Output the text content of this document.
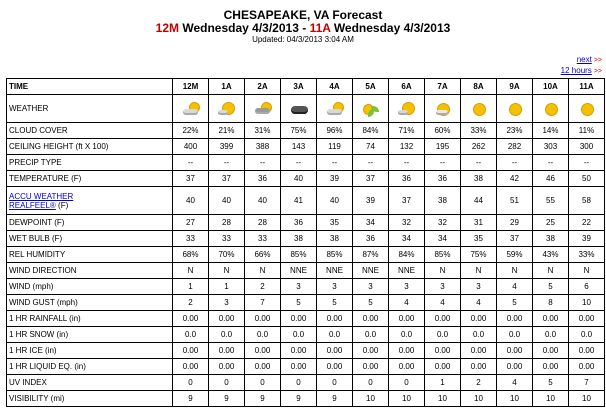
CHESAPEAKE, VA Forecast
12M Wednesday 4/3/2013 - 11A Wednesday 4/3/2013
Updated: 04/3/2013 3:04 AM
next >>
12 hours >>
TIME	12M	1A	2A	3A	4A	5A	6A	7A	8A	9A	10A	11A
WEATHER	

CLOUD COVER	22%	21%	31%	75%	96%	84%	71%	60%	33%	23%	14%	11%
CEILING HEIGHT (ft X 100)	400	399	388	143	119	74	132	195	262	282	303	300
PRECIP TYPE	--	--	--	--	--	--	--	--	--	--	--	--
TEMPERATURE (F)	37	37	36	40	39	37	36	36	38	42	46	50
ACCU WEATHER
REALFEEL® (F)	40	40	40	41	40	39	37	38	44	51	55	58
DEWPOINT (F)	27	28	28	36	35	34	32	32	31	29	25	22
WET BULB (F)	33	33	33	38	38	36	34	34	35	37	38	39
REL HUMIDITY	68%	70%	66%	85%	85%	87%	84%	85%	75%	59%	43%	33%
WIND DIRECTION	N	N	N	NNE	NNE	NNE	NNE	N	N	N	N	N
WIND (mph)	1	1	2	3	3	3	3	3	3	4	5	6
WIND GUST (mph)	2	3	7	5	5	5	4	4	4	5	8	10
1 HR RAINFALL (in)	0.00	0.00	0.00	0.00	0.00	0.00	0.00	0.00	0.00	0.00	0.00	0.00
1 HR SNOW (in)	0.0	0.0	0.0	0.0	0.0	0.0	0.0	0.0	0.0	0.0	0.0	0.0
1 HR ICE (in)	0.00	0.00	0.00	0.00	0.00	0.00	0.00	0.00	0.00	0.00	0.00	0.00
1 HR LIQUID EQ. (in)	0.00	0.00	0.00	0.00	0.00	0.00	0.00	0.00	0.00	0.00	0.00	0.00
UV INDEX	0	0	0	0	0	0	0	1	2	4	5	7
VISIBILITY (mi)	9	9	9	9	9	10	10	10	10	10	10	10
